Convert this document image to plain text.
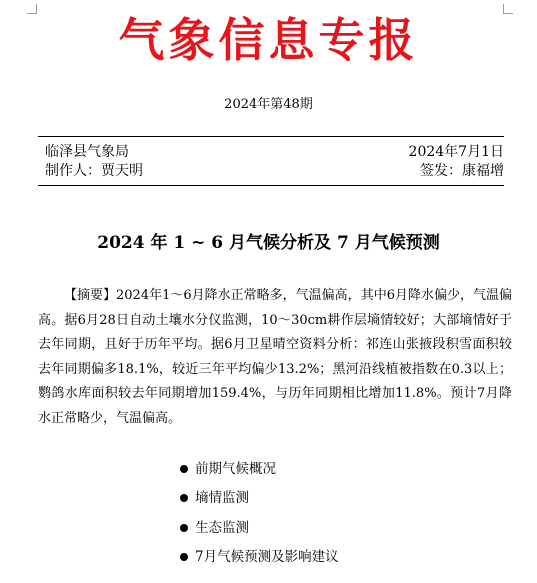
气象信息专报
2024年第48期
临泽县气象局
制作人：贾天明
2024年7月1日
签发：康福增
2024 年 1 ~ 6 月气候分析及 7 月气候预测

【摘要】2024年1～6月降水正常略多，气温偏高，其中6月降水偏少，气温偏高。据6月28日自动土壤水分仪监测，10～30cm耕作层墒情较好；大部墒情好于去年同期，且好于历年平均。据6月卫星晴空资料分析：祁连山张掖段积雪面积较去年同期偏多18.1%，较近三年平均偏少13.2%；黑河沿线植被指数在0.3以上；鹦鸽水库面积较去年同期增加159.4%，与历年同期相比增加11.8%。预计7月降水正常略少，气温偏高。

前期气候概况
墒情监测
生态监测
7月气候预测及影响建议
